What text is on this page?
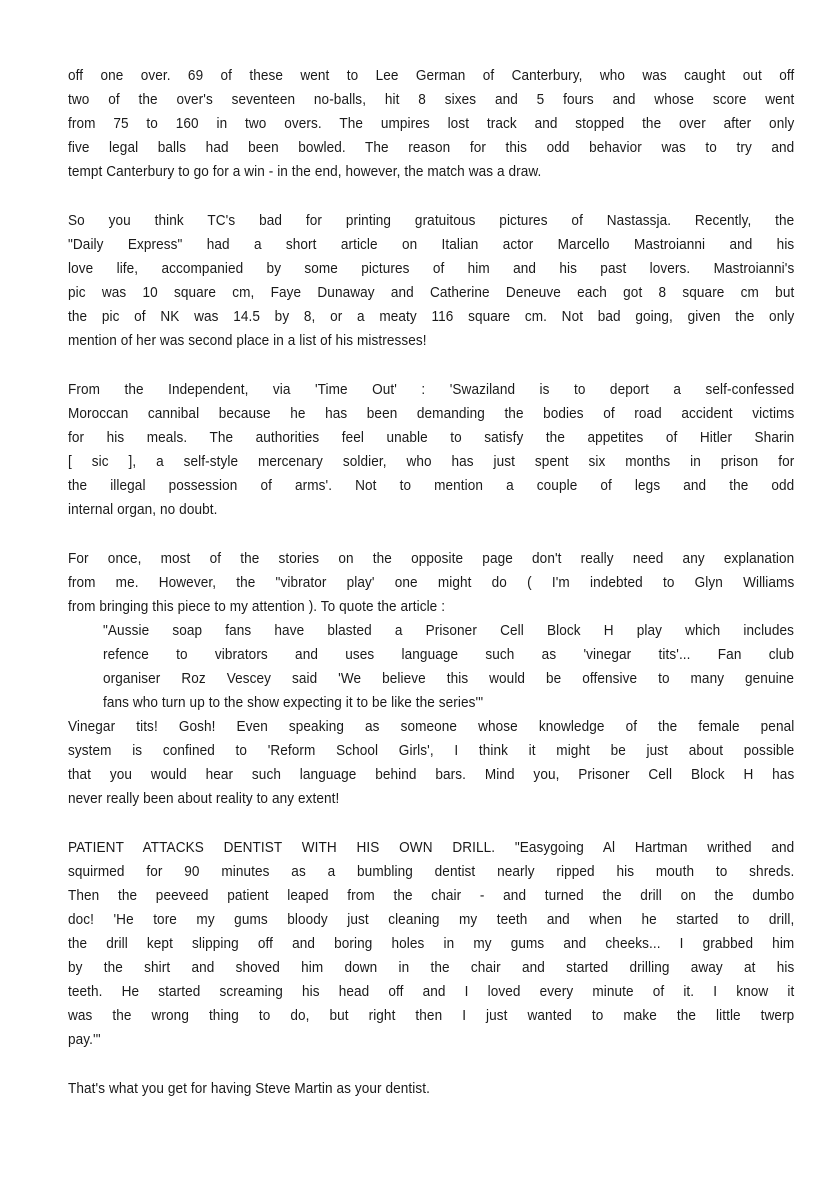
off one over. 69 of these went to Lee German of Canterbury, who was caught out off
two of the over's seventeen no-balls, hit 8 sixes and 5 fours and whose score went
from 75 to 160 in two overs. The umpires lost track and stopped the over after only
five legal balls had been bowled. The reason for this odd behavior was to try and
tempt Canterbury to go for a win - in the end, however, the match was a draw.
So you think TC's bad for printing gratuitous pictures of Nastassja. Recently, the
"Daily Express" had a short article on Italian actor Marcello Mastroianni and his
love life, accompanied by some pictures of him and his past lovers. Mastroianni's
pic was 10 square cm, Faye Dunaway and Catherine Deneuve each got 8 square cm but
the pic of NK was 14.5 by 8, or a meaty 116 square cm. Not bad going, given the only
mention of her was second place in a list of his mistresses!
From the Independent, via 'Time Out' : 'Swaziland is to deport a self-confessed
Moroccan cannibal because he has been demanding the bodies of road accident victims
for his meals. The authorities feel unable to satisfy the appetites of Hitler Sharin
[ sic ], a self-style mercenary soldier, who has just spent six months in prison for
the illegal possession of arms'. Not to mention a couple of legs and the odd
internal organ, no doubt.
For once, most of the stories on the opposite page don't really need any explanation
from me. However, the "vibrator play' one might do ( I'm indebted to Glyn Williams
from bringing this piece to my attention ). To quote the article :
"Aussie soap fans have blasted a Prisoner Cell Block H play which includes
refence to vibrators and uses language such as 'vinegar tits'... Fan club
organiser Roz Vescey said 'We believe this would be offensive to many genuine
fans who turn up to the show expecting it to be like the series'"
Vinegar tits! Gosh! Even speaking as someone whose knowledge of the female penal
system is confined to 'Reform School Girls', I think it might be just about possible
that you would hear such language behind bars. Mind you, Prisoner Cell Block H has
never really been about reality to any extent!
PATIENT ATTACKS DENTIST WITH HIS OWN DRILL. "Easygoing Al Hartman writhed and
squirmed for 90 minutes as a bumbling dentist nearly ripped his mouth to shreds.
Then the peeveed patient leaped from the chair - and turned the drill on the dumbo
doc! 'He tore my gums bloody just cleaning my teeth and when he started to drill,
the drill kept slipping off and boring holes in my gums and cheeks... I grabbed him
by the shirt and shoved him down in the chair and started drilling away at his
teeth. He started screaming his head off and I loved every minute of it. I know it
was the wrong thing to do, but right then I just wanted to make the little twerp
pay.'"
That's what you get for having Steve Martin as your dentist.
